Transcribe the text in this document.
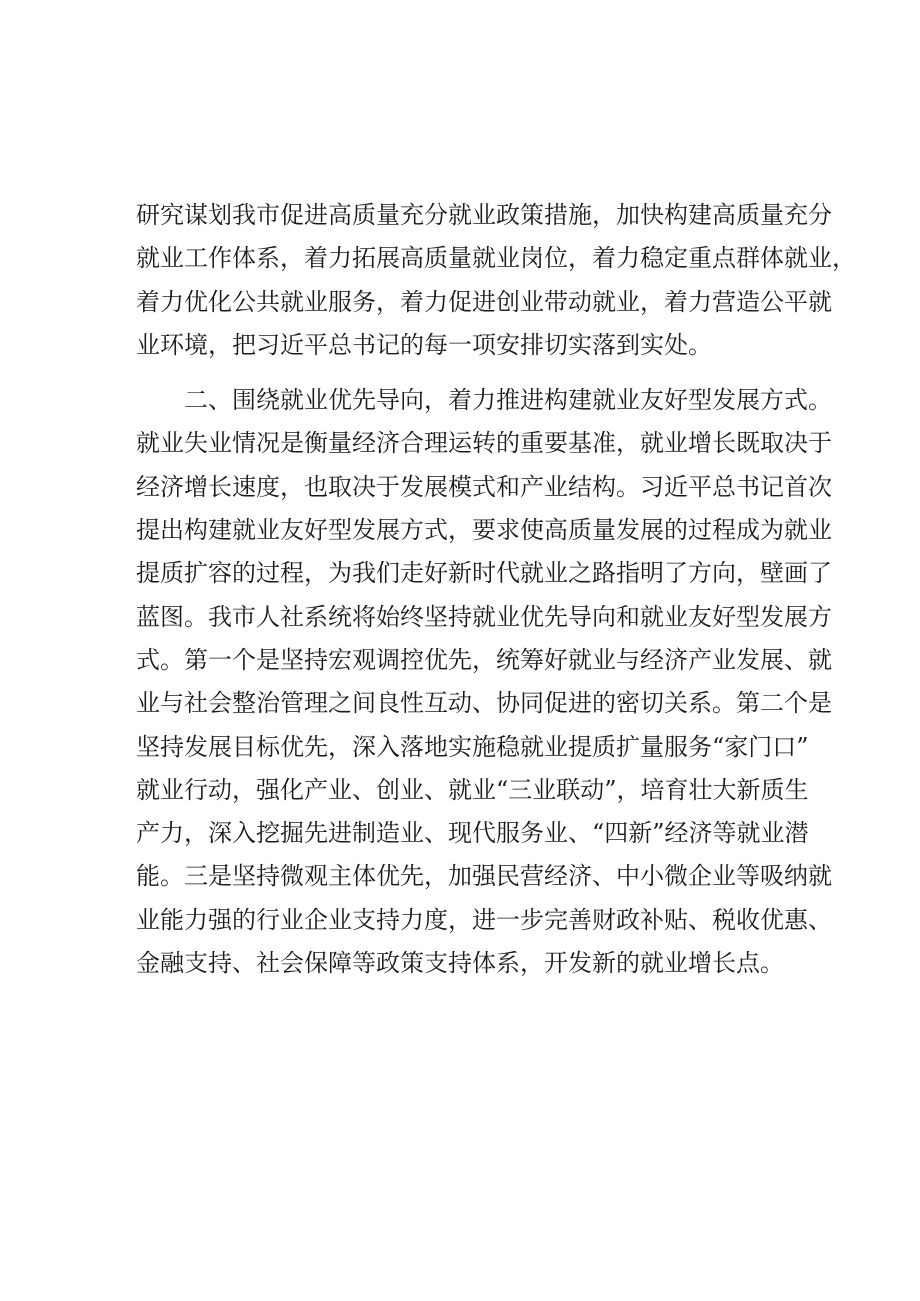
研究谋划我市促进高质量充分就业政策措施，加快构建高质量充分
就业工作体系，着力拓展高质量就业岗位，着力稳定重点群体就业，
着力优化公共就业服务，着力促进创业带动就业，着力营造公平就
业环境，把习近平总书记的每一项安排切实落到实处。
二、围绕就业优先导向，着力推进构建就业友好型发展方式。
就业失业情况是衡量经济合理运转的重要基准，就业增长既取决于
经济增长速度，也取决于发展模式和产业结构。习近平总书记首次
提出构建就业友好型发展方式，要求使高质量发展的过程成为就业
提质扩容的过程，为我们走好新时代就业之路指明了方向，壁画了
蓝图。我市人社系统将始终坚持就业优先导向和就业友好型发展方
式。第一个是坚持宏观调控优先，统筹好就业与经济产业发展、就
业与社会整治管理之间良性互动、协同促进的密切关系。第二个是
坚持发展目标优先，深入落地实施稳就业提质扩量服务“家门口”
就业行动，强化产业、创业、就业“三业联动”，培育壮大新质生
产力，深入挖掘先进制造业、现代服务业、“四新”经济等就业潜
能。三是坚持微观主体优先，加强民营经济、中小微企业等吸纳就
业能力强的行业企业支持力度，进一步完善财政补贴、税收优惠、
金融支持、社会保障等政策支持体系，开发新的就业增长点。
